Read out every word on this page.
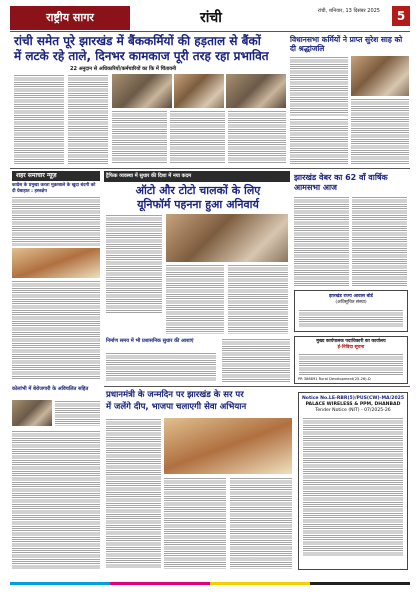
राष्ट्रीय सागर	रांची	रांची, शनिवार, 13 दिसंबर 2025	5
रांची समेत पूरे झारखंड में बैंककर्मियों की हड़ताल से बैंकों
में लटके रहे ताले, दिनभर कामकाज पूरी तरह रहा प्रभावित
22 अनुदान से अधिकारियों/कर्मचारियों का कि में चिंतावनी
विधानसभा कर्मियों ने प्राप्त सुरेश साह को दी श्रद्धांजलि
शहर समाचार न्यूज़
काग्रेस के प्रमुखा करता मुक़ाबाले के खुदा बंदगी को दी ग्रेबाहात : हस्तक्षेप
ट्रैफिक व्यवस्था में सुधार की दिशा में नया कदम
ऑटो और टोटो चालकों के लिए
यूनिफॉर्म पहनना हुआ अनिवार्य
झारखंड वेबर का 62 वाँ वार्षिक आमसभा आज
झारखंड राज्य आवास बोर्ड
(अधिसूचित संस्था)
निर्माण समय में भी प्रशासनिक सुधार की आशाएं	मुख्य कार्यपालक पदाधिकारी का कार्यालय
ई-निविदा सूचना
PR 386891 Rural Development(25-26)-D
प्रधानमंत्री के जन्मदिन पर झारखंड के सर पर
में जलेंगे दीप, भाजपा चलाएगी सेवा अभियान
Notice No.LE-RBR(5)/PUS(CW)-MA/2025
PALACE WIRELESS & PPM, DHANBAD
Tender Notice (NIT) - 07/2025-26
कोलांभी में बेरोजगारी के अविचलित सहित
